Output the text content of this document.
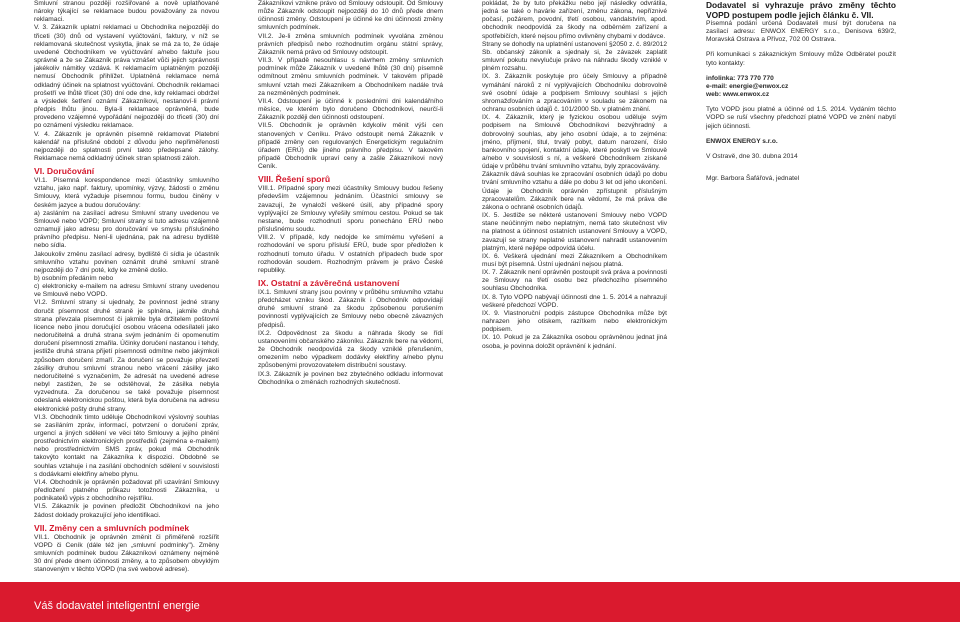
Smluvní stranou později rozšiřované a nově uplatňované nároky týkající se reklamace budou považovány za novou reklamaci.

V. 3. Zákazník uplatní reklamaci u Obchodníka nejpozději do třiceti (30) dnů od vystavení vyúčtování, faktury, v níž se reklamovaná skutečnost vyskytla, jinak se má za to, že údaje uvedené Obchodníkem ve vyúčtování a/nebo faktuře jsou správné a že se Zákazník práva vznášet vůči jejich správnosti jakékoliv námitky vzdává. K reklamacím uplatněným později nemusí Obchodník přihlížet. Uplatněná reklamace nemá odkladný účinek na splatnost vyúčtování. Obchodník reklamaci prošetří ve lhůtě třicet (30) dní ode dne, kdy reklamaci obdržel a výsledek šetření oznámí Zákazníkovi, nestanoví-li právní předpis lhůtu jinou. Byla-li reklamace oprávněná, bude provedeno vzájemné vypořádání nejpozději do třiceti (30) dní po oznámení výsledku reklamace.

V. 4. Zákazník je oprávněn písemně reklamovat Platební kalendář na příslušné období z důvodu jeho nepřiměřenosti nejpozději do splatnosti první takto předepsané zálohy. Reklamace nemá odkladný účinek stran splatnosti záloh.

VI. Doručování

VI.1. Písemná korespondence mezi účastníky smluvního vztahu, jako např. faktury, upomínky, výzvy, žádosti o změnu Smlouvy, která vyžaduje písemnou formu, budou činěny v českém jazyce a budou doručovány:

a) zasláním na zasílací adresu Smluvní strany uvedenou ve Smlouvě nebo VOPD; Smluvní strany si tuto adresu vzájemně oznamují jako adresu pro doručování ve smyslu příslušného právního předpisu. Není-li ujednána, pak na adresu bydliště nebo sídla.

Jakoukoliv změnu zasílací adresy, bydliště či sídla je účastník smluvního vztahu povinen oznámit druhé smluvní straně nejpozději do 7 dní poté, kdy ke změně došlo.

b) osobním předáním nebo

c) elektronicky e-mailem na adresu Smluvní strany uvedenou ve Smlouvě nebo VOPD.

VI.2. Smluvní strany si ujednaly, že povinnost jedné strany doručit písemnost druhé straně je splněna, jakmile druhá strana převzala písemnost či jakmile byla držitelem poštovní licence nebo jinou doručující osobou vrácena odesílateli jako nedoručitelná a druhá strana svým jednáním či opomenutím doručení písemnosti zmařila. Účinky doručení nastanou i tehdy, jestliže druhá strana přijetí písemnosti odmítne nebo jakýmkoli způsobem doručení zmaří. Za doručení se považuje převzetí zásilky druhou smluvní stranou nebo vrácení zásilky jako nedoručitelné s vyznačením, že adresát na uvedené adrese nebyl zastižen, že se odstěhoval, že zásilka nebyla vyzvednuta. Za doručenou se také považuje písemnost odeslaná elektronickou poštou, která byla doručena na adresu elektronické pošty druhé strany.

VI.3. Obchodník tímto uděluje Obchodníkovi výslovný souhlas se zasíláním zpráv, informací, potvrzení o doručení zpráv, urgencí a jiných sdělení ve věci této Smlouvy a jejího plnění prostřednictvím elektronických prostředků (zejména e-mailem) nebo prostřednictvím SMS zpráv, pokud má Obchodník takovýto kontakt na Zákazníka k dispozici. Obdobně se souhlas vztahuje i na zasílání obchodních sdělení v souvislosti s dodávkami elektřiny a/nebo plynu.

VI.4. Obchodník je oprávněn požadovat při uzavírání Smlouvy předložení platného průkazu totožnosti Zákazníka, u podnikatelů výpis z obchodního rejstříku.

VI.5. Zákazník je povinen předložit Obchodníkovi na jeho žádost doklady prokazující jeho identifikaci.

VII. Změny cen a smluvních podmínek

VII.1. Obchodník je oprávněn změnit či přiměřeně rozšířit VOPD či Ceník (dále též jen „smluvní podmínky"). Změny smluvních podmínek budou Zákazníkovi oznámeny nejméně 30 dní přede dnem účinnosti změny, a to způsobem obvyklým stanoveným v těchto VOPD (na své webové adrese).

Zákazníkovi vznikne právo od Smlouvy odstoupit. Od Smlouvy může Zákazník odstoupit nejpozději do 10 dnů přede dnem účinnosti změny. Odstoupení je účinné ke dni účinnosti změny smluvních podmínek.

VII.2. Je-li změna smluvních podmínek vyvolána změnou právních předpisů nebo rozhodnutím orgánu státní správy, Zákazník nemá právo od Smlouvy odstoupit.

VII.3. V případě nesouhlasu s návrhem změny smluvních podmínek může Zákazník v uvedené lhůtě (30 dní) písemně odmítnout změnu smluvních podmínek. V takovém případě smluvní vztah mezi Zákazníkem a Obchodníkem nadále trvá za nezměněných podmínek.

VII.4. Odstoupení je účinné k posledními dni kalendářního měsíce, ve kterém bylo doručeno Obchodníkovi, neurčí-li Zákazník později den účinnosti odstoupení.

VII.5. Obchodník je oprávněn kdykoliv měnit výši cen stanovených v Ceníku. Právo odstoupit nemá Zákazník v případě změny cen regulovaných Energetickým regulačním úřadem (ERÚ) dle jiného právního předpisu. V takovém případě Obchodník upraví ceny a zašle Zákazníkovi nový Ceník.

VIII. Řešení sporů

VIII.1. Případné spory mezi účastníky Smlouvy budou řešeny především vzájemnou jednáním. Účastníci smlouvy se zavazují, že vynaloží veškeré úsilí, aby případné spory vyplývající ze Smlouvy vyřešily smírnou cestou. Pokud se tak nestane, bude rozhodnutí sporu ponecháno ERÚ nebo příslušnému soudu.

VIII.2. V případě, kdy nedojde ke smírnému vyřešení a rozhodování ve sporu přísluší ERÚ, bude spor předložen k rozhodnutí tomuto úřadu. V ostatních případech bude spor rozhodován soudem. Rozhodným právem je právo České republiky.

IX. Ostatní a závěrečná ustanovení

IX.1. Smluvní strany jsou povinny v průběhu smluvního vztahu předcházet vzniku škod. Zákazník i Obchodník odpovídají druhé smluvní straně za škodu způsobenou porušením povinností vyplývajících ze Smlouvy nebo obecně závazných předpisů.

IX.2. Odpovědnost za škodu a náhrada škody se řídí ustanoveními občanského zákoníku. Zákazník bere na vědomí, že Obchodník neodpovídá za škody vzniklé přerušením, omezením nebo výpadkem dodávky elektřiny a/nebo plynu způsobenými provozovatelem distribuční soustavy.

IX.3. Zákazník je povinen bez zbytečného odkladu informovat Obchodníka o změnách rozhodných skutečností.

pokládat, že by tuto překážku nebo její následky odvrátila, jedná se také o havárie zařízení, změnu zákona, nepříznivé počasí, požárem, povodní, třetí osobou, vandalstvím, apod. obchodník neodpovídá za škody na odběrném zařízení a spotřebičích, které nejsou přímo ovlivněny chybami v dodávce.

Strany se dohodly na uplatnění ustanovení §2050 z. č. 89/2012 Sb. občanský zákoník a sjednaly si, že závazek zaplatit smluvní pokutu nevylučuje právo na náhradu škody vzniklé v plném rozsahu.

IX. 3. Zákazník poskytuje pro účely Smlouvy a případně vymáhání nároků z ní vyplývajících Obchodníku dobrovolně své osobní údaje a podpisem Smlouvy souhlasí s jejich shromažďováním a zpracováním v souladu se zákonem na ochranu osobních údajů č. 101/2000 Sb. v platném znění.

IX. 4. Zákazník, který je fyzickou osobou uděluje svým podpisem na Smlouvě Obchodníkovi bezvýhradný a dobrovolný souhlas, aby jeho osobní údaje, a to zejména: jméno, příjmení, titul, trvalý pobyt, datum narození, číslo bankovního spojení, kontaktní údaje, které poskytl ve Smlouvě a/nebo v souvislosti s ní, a veškeré Obchodníkem získané údaje v průběhu trvání smluvního vztahu, byly zpracovávány.

Zákazník dává souhlas ke zpracování osobních údajů po dobu trvání smluvního vztahu a dále po dobu 3 let od jeho ukončení. Údaje je Obchodník oprávněn zpřístupnit příslušným zpracovatelům. Zákazník bere na vědomí, že má práva dle zákona o ochraně osobních údajů.

IX. 5. Jestliže se některé ustanovení Smlouvy nebo VOPD stane neúčinným nebo neplatným, nemá tato skutečnost vliv na platnost a účinnost ostatních ustanovení Smlouvy a VOPD, zavazují se strany neplatné ustanovení nahradit ustanovením platným, které nejlépe odpovídá účelu.

IX. 6. Veškerá ujednání mezi Zákazníkem a Obchodníkem musí být písemná. Ústní ujednání nejsou platná.

IX. 7. Zákazník není oprávněn postoupit svá práva a povinnosti ze Smlouvy na třetí osobu bez předchozího písemného souhlasu Obchodníka.

IX. 8. Tyto VOPD nabývají účinnosti dne 1. 5. 2014 a nahrazují veškeré předchozí VOPD.

IX. 9. Vlastnoruční podpis zástupce Obchodníka může být nahrazen jeho otiskem, razítkem nebo elektronickým podpisem.

IX. 10. Pokud je za Zákazníka osobou oprávněnou jednat jiná osoba, je povinna doložit oprávnění k jednání.

Dodavatel si vyhrazuje právo změny těchto VOPD postupem podle jejich článku č. VII.

Písemná podání určená Dodavateli musí být doručena na zasílací adresu: ENWOX ENERGY s.r.o., Denisova 639/2, Moravská Ostrava a Přívoz, 702 00 Ostrava.

Při komunikaci s zákaznickým Smlouvy může Odběratel použít tyto kontakty:

infolinka: 773 770 770

e-mail: energie@enwox.cz

web: www.enwox.cz

Tyto VOPD jsou platné a účinné od 1.5. 2014. Vydáním těchto VOPD se ruší všechny předchozí platné VOPD ve znění nabytí jejich účinnosti.

ENWOX ENERGY s.r.o.

V Ostravě, dne 30. dubna 2014

Mgr. Barbora Šafářová, jednatel

Váš dodavatel inteligentní energie
